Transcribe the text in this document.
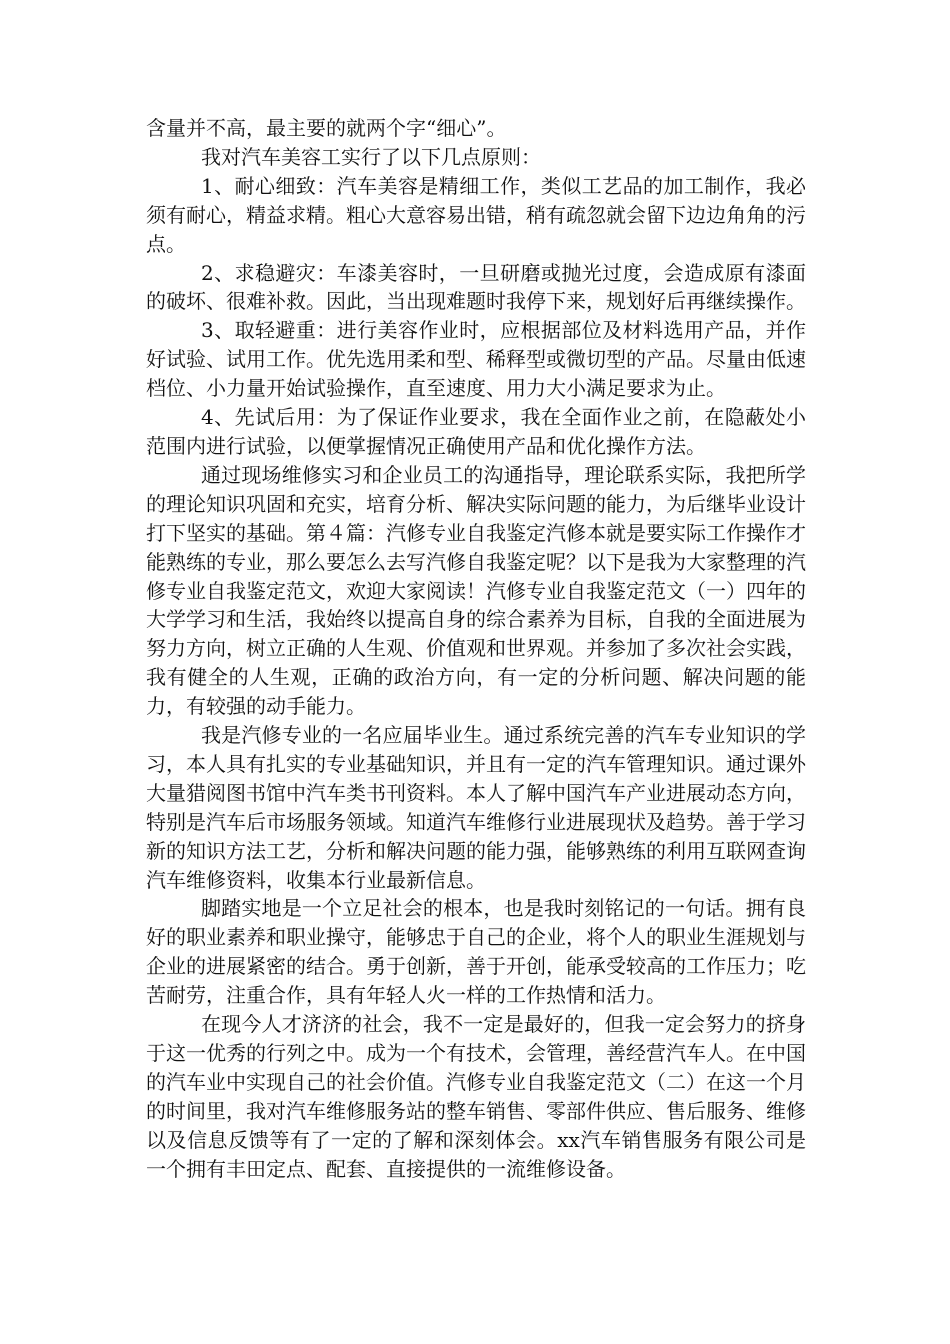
含量并不高，最主要的就两个字“细心”。

我对汽车美容工实行了以下几点原则：

1、耐心细致：汽车美容是精细工作，类似工艺品的加工制作，我必须有耐心，精益求精。粗心大意容易出错，稍有疏忽就会留下边边角角的污点。

2、求稳避灾：车漆美容时，一旦研磨或抛光过度，会造成原有漆面的破坏、很难补救。因此，当出现难题时我停下来，规划好后再继续操作。

3、取轻避重：进行美容作业时，应根据部位及材料选用产品，并作好试验、试用工作。优先选用柔和型、稀释型或微切型的产品。尽量由低速档位、小力量开始试验操作，直至速度、用力大小满足要求为止。

4、先试后用：为了保证作业要求，我在全面作业之前，在隐蔽处小范围内进行试验，以便掌握情况正确使用产品和优化操作方法。

通过现场维修实习和企业员工的沟通指导，理论联系实际，我把所学的理论知识巩固和充实，培育分析、解决实际问题的能力，为后继毕业设计打下坚实的基础。第４篇：汽修专业自我鉴定汽修本就是要实际工作操作才能熟练的专业，那么要怎么去写汽修自我鉴定呢？以下是我为大家整理的汽修专业自我鉴定范文，欢迎大家阅读！汽修专业自我鉴定范文（一）四年的大学学习和生活，我始终以提高自身的综合素养为目标，自我的全面进展为努力方向，树立正确的人生观、价值观和世界观。并参加了多次社会实践，我有健全的人生观，正确的政治方向，有一定的分析问题、解决问题的能力，有较强的动手能力。

我是汽修专业的一名应届毕业生。通过系统完善的汽车专业知识的学习，本人具有扎实的专业基础知识，并且有一定的汽车管理知识。通过课外大量猎阅图书馆中汽车类书刊资料。本人了解中国汽车产业进展动态方向，特别是汽车后市场服务领域。知道汽车维修行业进展现状及趋势。善于学习新的知识方法工艺，分析和解决问题的能力强，能够熟练的利用互联网查询汽车维修资料，收集本行业最新信息。

脚踏实地是一个立足社会的根本，也是我时刻铭记的一句话。拥有良好的职业素养和职业操守，能够忠于自己的企业，将个人的职业生涯规划与企业的进展紧密的结合。勇于创新，善于开创，能承受较高的工作压力；吃苦耐劳，注重合作，具有年轻人火一样的工作热情和活力。

在现今人才济济的社会，我不一定是最好的，但我一定会努力的挤身于这一优秀的行列之中。成为一个有技术，会管理，善经营汽车人。在中国的汽车业中实现自己的社会价值。汽修专业自我鉴定范文（二）在这一个月的时间里，我对汽车维修服务站的整车销售、零部件供应、售后服务、维修以及信息反馈等有了一定的了解和深刻体会。xx汽车销售服务有限公司是一个拥有丰田定点、配套、直接提供的一流维修设备。
